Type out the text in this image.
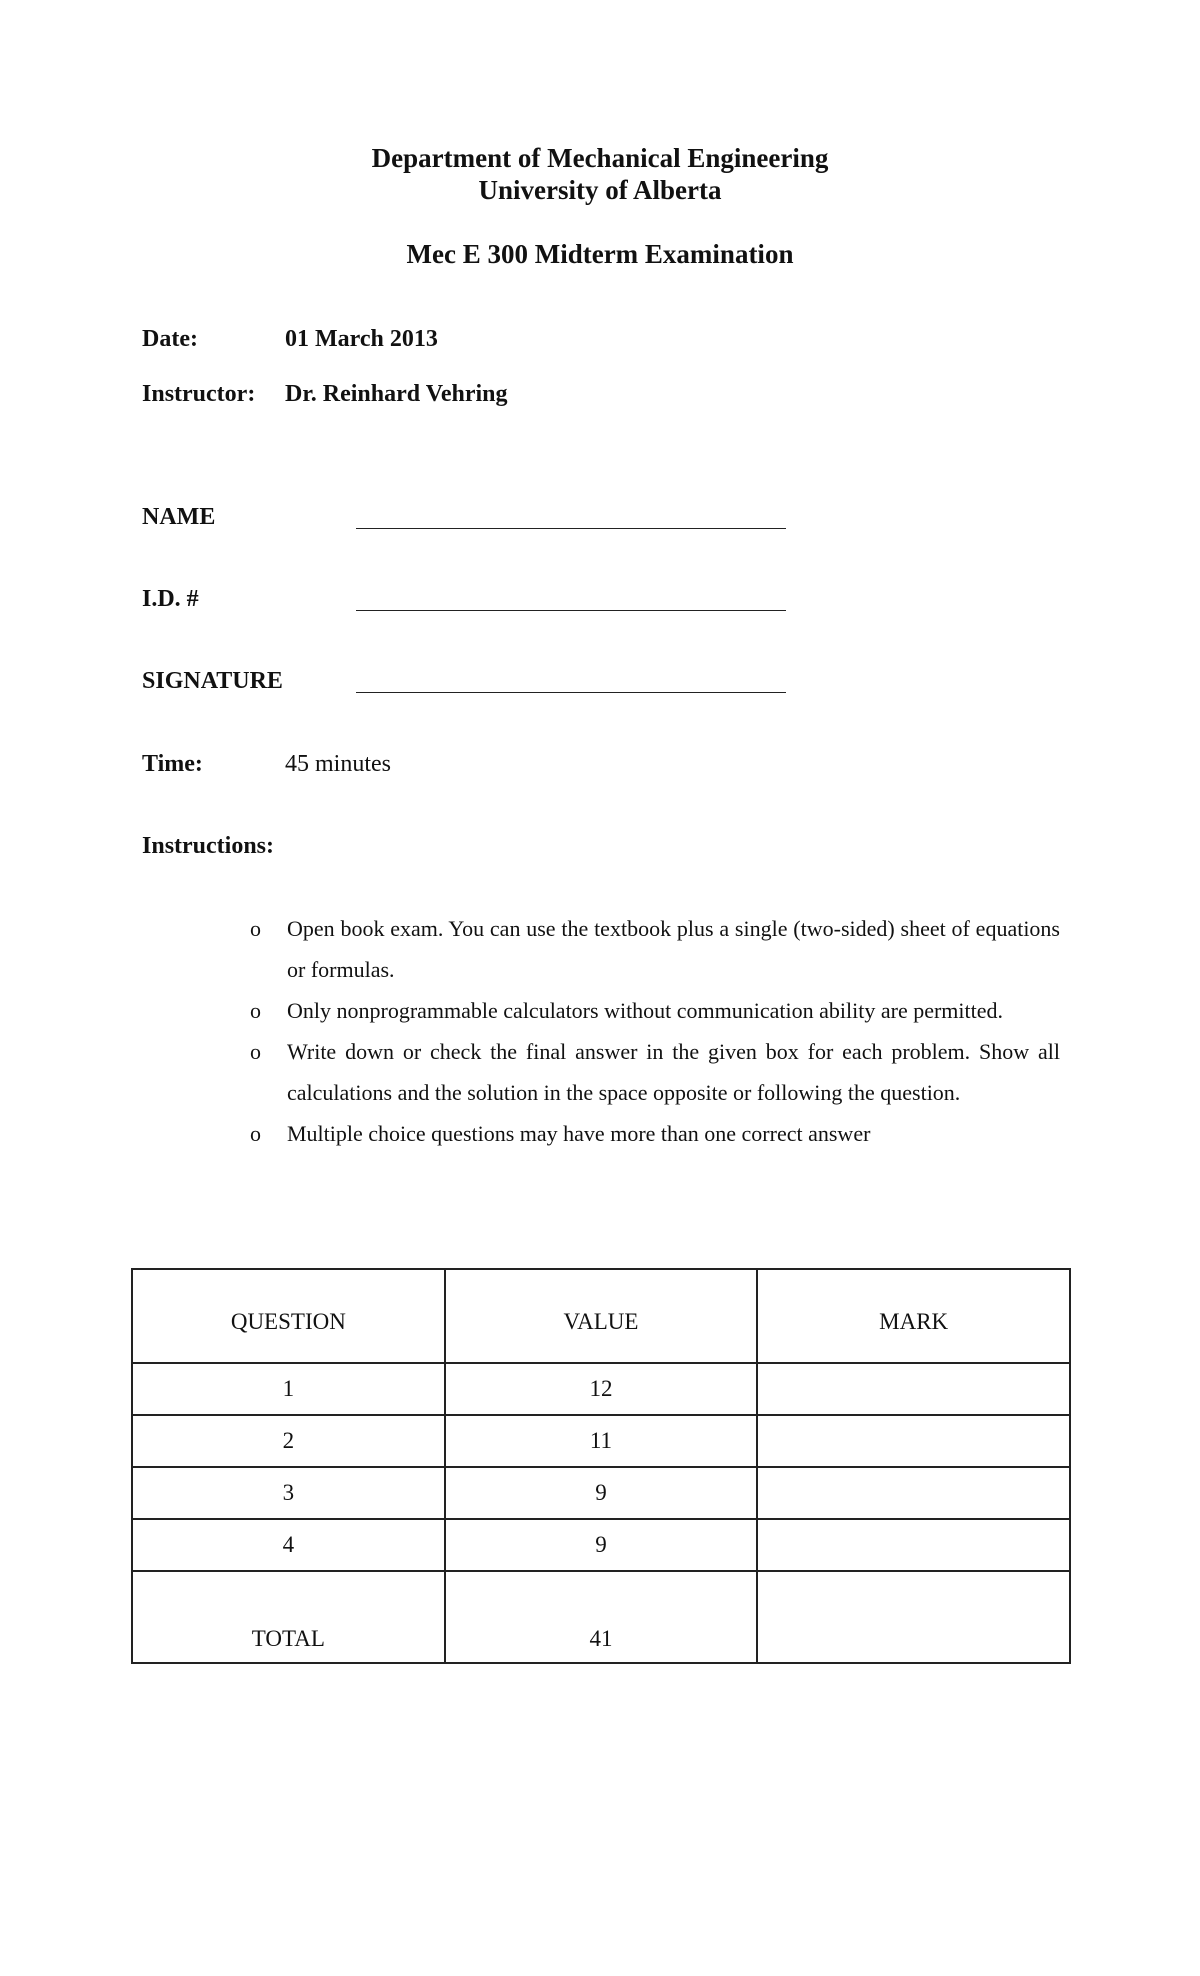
Department of Mechanical Engineering
University of Alberta
Mec E 300 Midterm Examination
Date:	01 March 2013
Instructor: Dr. Reinhard Vehring
NAME
I.D. #
SIGNATURE
Time:	45 minutes
Instructions:

o Open book exam. You can use the textbook plus a single (two-sided) sheet of equations or formulas.

o Only nonprogrammable calculators without communication ability are permitted.

o Write down or check the final answer in the given box for each problem. Show all calculations and the solution in the space opposite or following the question.

o Multiple choice questions may have more than one correct answer

QUESTION	VALUE	MARK
1	12	
2	11	
3	9	
4	9	
TOTAL	41	
